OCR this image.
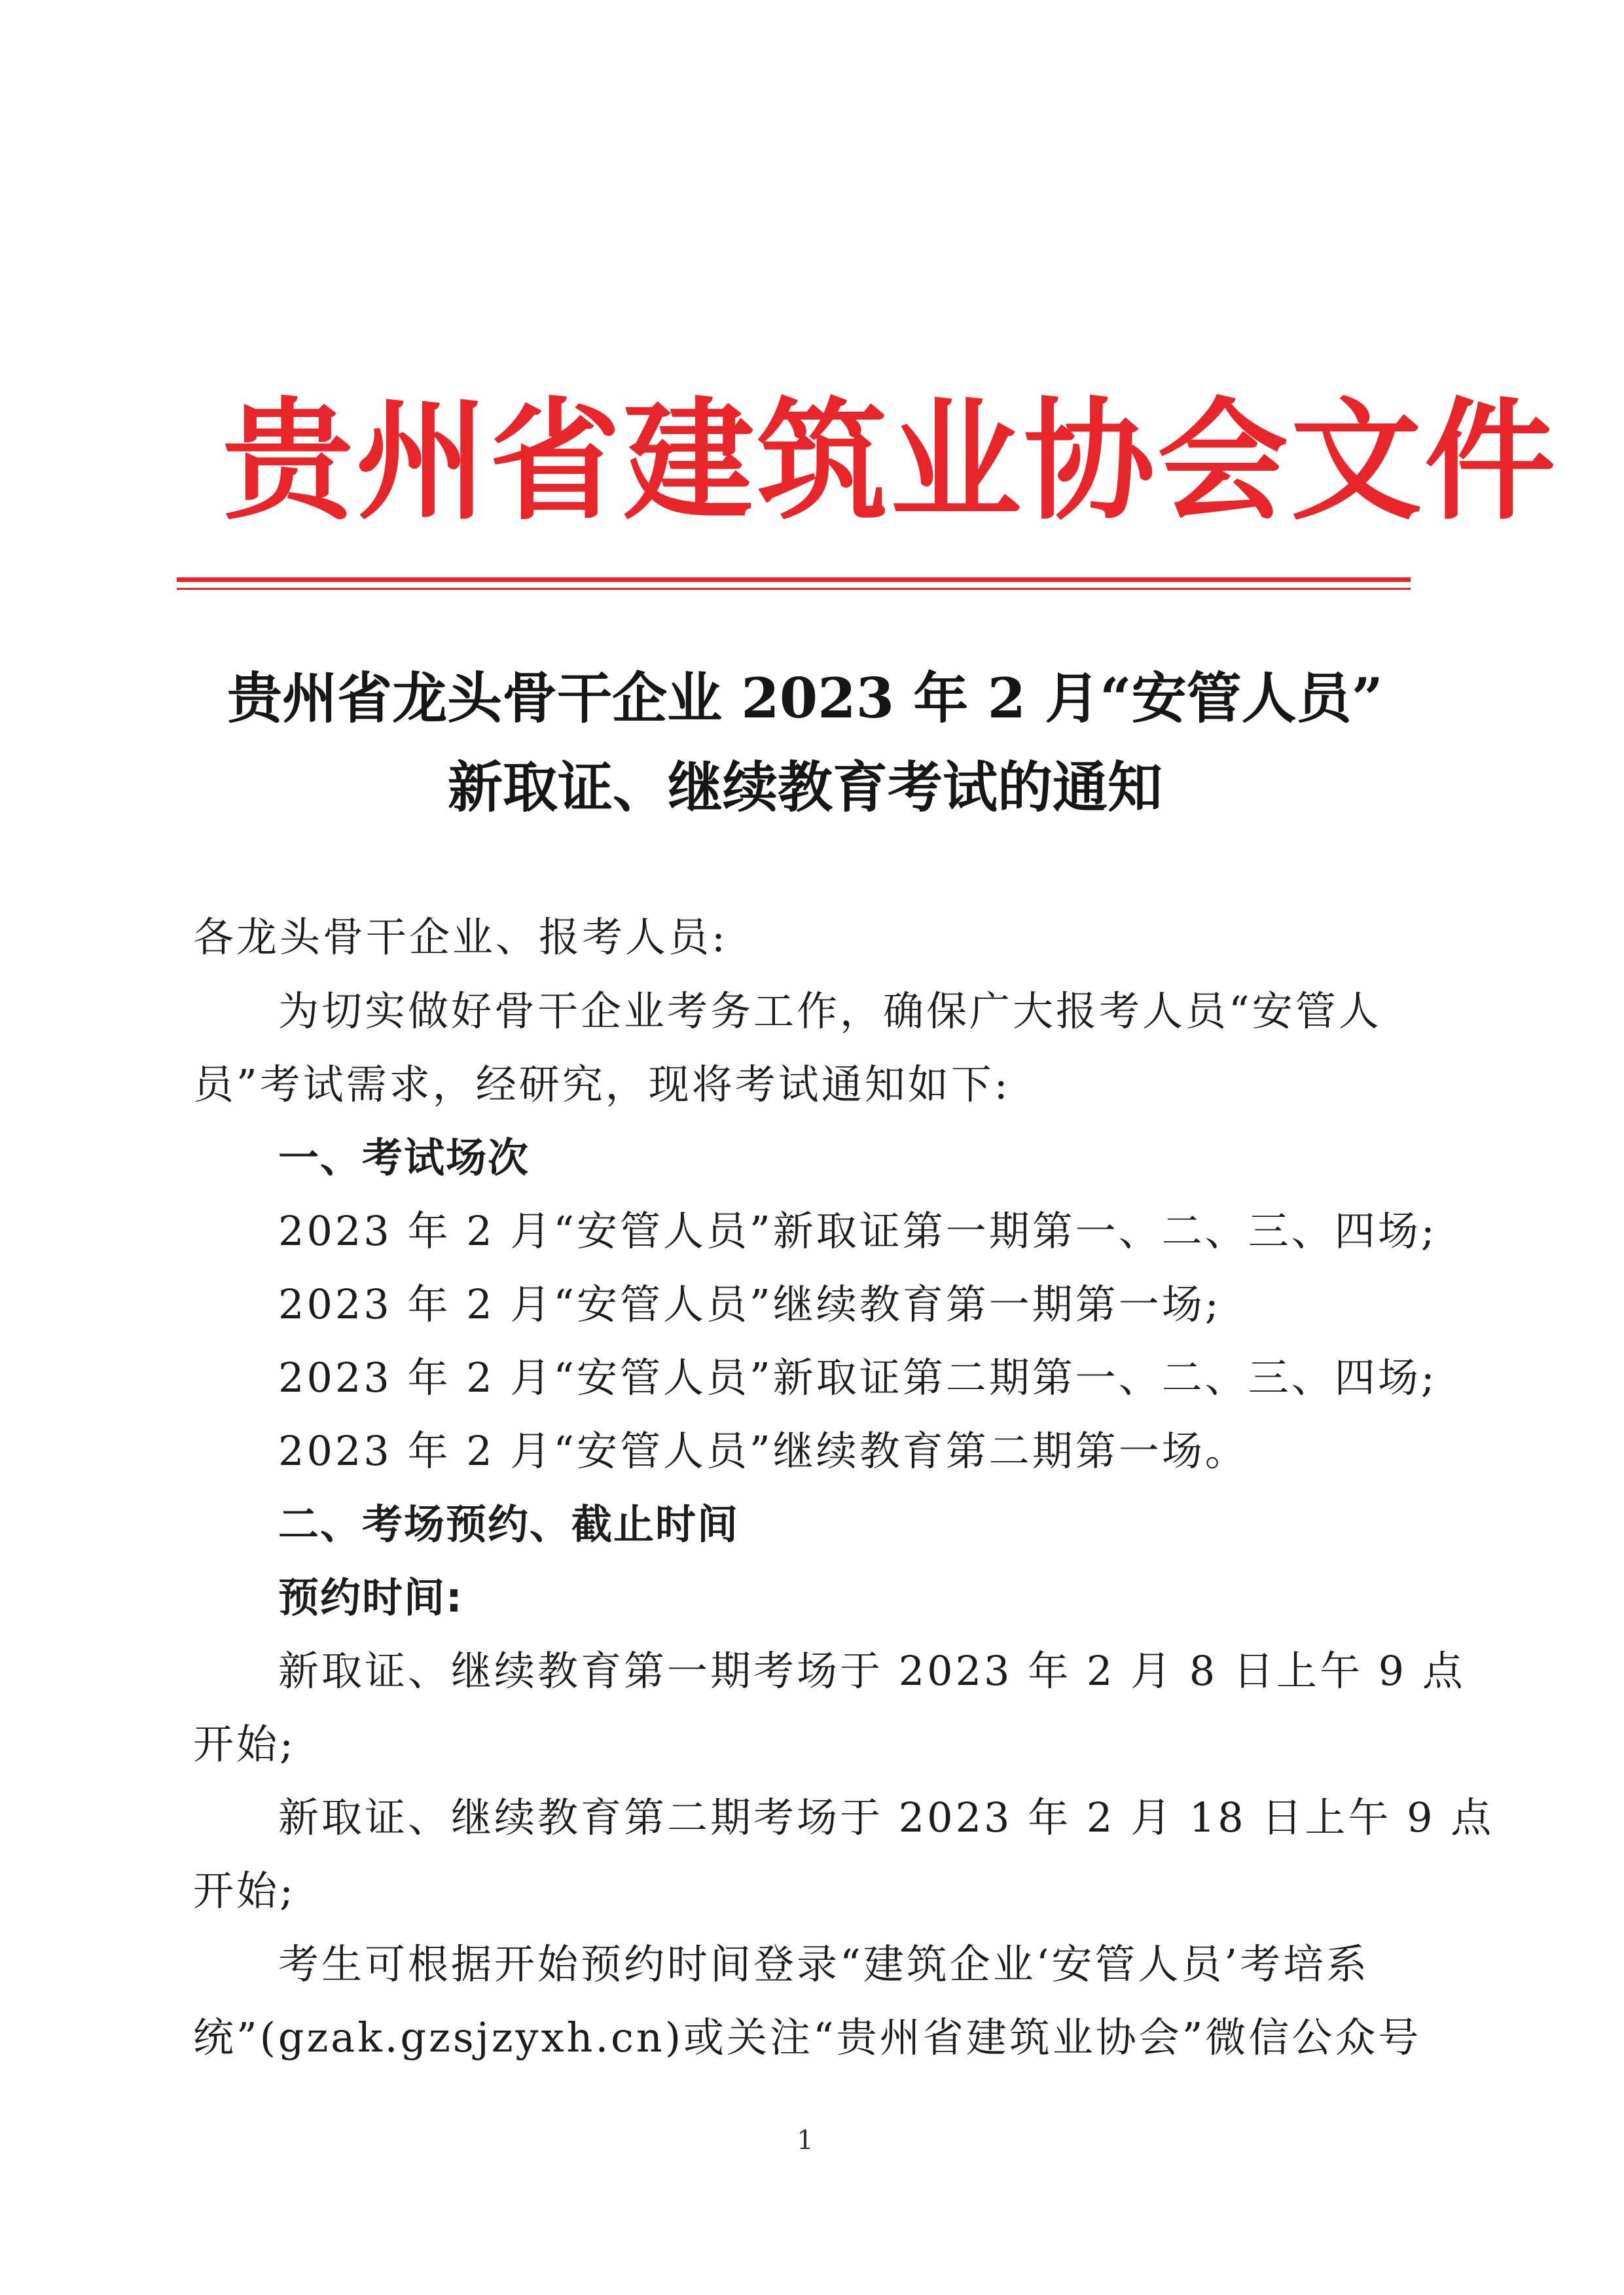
贵州省建筑业协会文件
贵州省龙头骨干企业 2023 年 2 月“安管人员”
新取证、继续教育考试的通知
各龙头骨干企业、报考人员:
为切实做好骨干企业考务工作，确保广大报考人员“安管人
员”考试需求，经研究，现将考试通知如下:
一、考试场次
2023 年 2 月“安管人员”新取证第一期第一、二、三、四场;
2023 年 2 月“安管人员”继续教育第一期第一场;
2023 年 2 月“安管人员”新取证第二期第一、二、三、四场;
2023 年 2 月“安管人员”继续教育第二期第一场。
二、考场预约、截止时间
预约时间:
新取证、继续教育第一期考场于 2023 年 2 月 8 日上午 9 点
开始;
新取证、继续教育第二期考场于 2023 年 2 月 18 日上午 9 点
开始;
考生可根据开始预约时间登录“建筑企业‘安管人员’考培系
统”(gzak.gzsjzyxh.cn)或关注“贵州省建筑业协会”微信公众号
1
